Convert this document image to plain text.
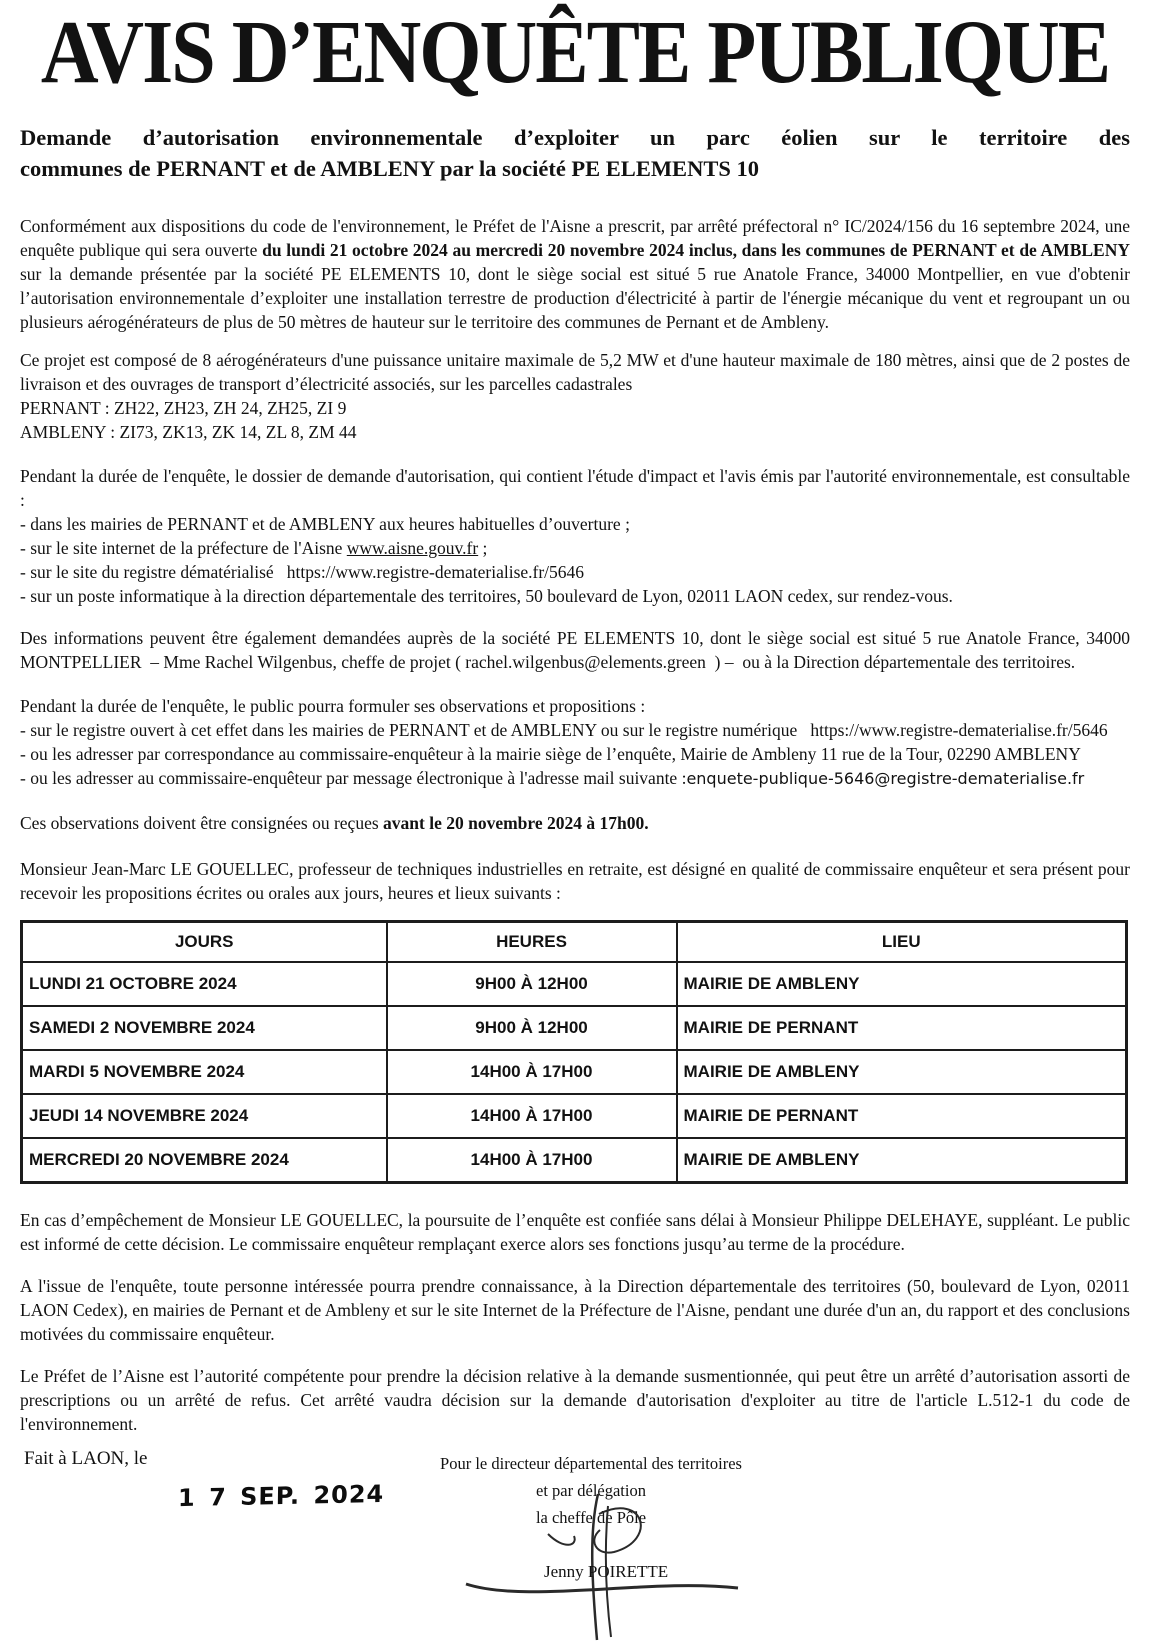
AVIS D’ENQUÊTE PUBLIQUE
Demande d’autorisation environnementale d’exploiter un parc éolien sur le territoire des
communes de PERNANT et de AMBLENY par la société PE ELEMENTS 10

Conformément aux dispositions du code de l'environnement, le Préfet de l'Aisne a prescrit, par arrêté préfectoral n° IC/2024/156 du 16 septembre 2024, une enquête publique qui sera ouverte du lundi 21 octobre 2024 au mercredi 20 novembre 2024 inclus, dans les communes de PERNANT et de AMBLENY sur la demande présentée par la société PE ELEMENTS 10, dont le siège social est situé 5 rue Anatole France, 34000 Montpellier, en vue d'obtenir l’autorisation environnementale d’exploiter une installation terrestre de production d'électricité à partir de l'énergie mécanique du vent et regroupant un ou plusieurs aérogénérateurs de plus de 50 mètres de hauteur sur le territoire des communes de Pernant et de Ambleny.

Ce projet est composé de 8 aérogénérateurs d'une puissance unitaire maximale de 5,2 MW et d'une hauteur maximale de 180 mètres, ainsi que de 2 postes de livraison et des ouvrages de transport d’électricité associés, sur les parcelles cadastrales
PERNANT : ZH22, ZH23, ZH 24, ZH25, ZI 9
AMBLENY : ZI73, ZK13, ZK 14, ZL 8, ZM 44
Pendant la durée de l'enquête, le dossier de demande d'autorisation, qui contient l'étude d'impact et l'avis émis par l'autorité environnementale, est consultable :
- dans les mairies de PERNANT et de AMBLENY aux heures habituelles d’ouverture ;
- sur le site internet de la préfecture de l'Aisne www.aisne.gouv.fr ;
- sur le site du registre dématérialisé   https://www.registre-dematerialise.fr/5646
- sur un poste informatique à la direction départementale des territoires, 50 boulevard de Lyon, 02011 LAON cedex, sur rendez-vous.

Des informations peuvent être également demandées auprès de la société PE ELEMENTS 10, dont le siège social est situé 5 rue Anatole France, 34000 MONTPELLIER  – Mme Rachel Wilgenbus, cheffe de projet ( rachel.wilgenbus@elements.green  ) –  ou à la Direction départementale des territoires.

Pendant la durée de l'enquête, le public pourra formuler ses observations et propositions :
- sur le registre ouvert à cet effet dans les mairies de PERNANT et de AMBLENY ou sur le registre numérique   https://www.registre-dematerialise.fr/5646
- ou les adresser par correspondance au commissaire-enquêteur à la mairie siège de l’enquête, Mairie de Ambleny 11 rue de la Tour, 02290 AMBLENY
- ou les adresser au commissaire-enquêteur par message électronique à l'adresse mail suivante :enquete-publique-5646@registre-dematerialise.fr

Ces observations doivent être consignées ou reçues avant le 20 novembre 2024 à 17h00.

Monsieur Jean-Marc LE GOUELLEC, professeur de techniques industrielles en retraite, est désigné en qualité de commissaire enquêteur et sera présent pour recevoir les propositions écrites ou orales aux jours, heures et lieux suivants :

JOURS	HEURES	LIEU
LUNDI 21 OCTOBRE 2024	9H00 À 12H00	MAIRIE DE AMBLENY
SAMEDI 2 NOVEMBRE 2024	9H00 À 12H00	MAIRIE DE PERNANT
MARDI 5 NOVEMBRE 2024	14H00 À 17H00	MAIRIE DE AMBLENY
JEUDI 14 NOVEMBRE 2024	14H00 À 17H00	MAIRIE DE PERNANT
MERCREDI 20 NOVEMBRE 2024	14H00 À 17H00	MAIRIE DE AMBLENY

En cas d’empêchement de Monsieur LE GOUELLEC, la poursuite de l’enquête est confiée sans délai à Monsieur Philippe DELEHAYE, suppléant. Le public est informé de cette décision. Le commissaire enquêteur remplaçant exerce alors ses fonctions jusqu’au terme de la procédure.

A l'issue de l'enquête, toute personne intéressée pourra prendre connaissance, à la Direction départementale des territoires (50, boulevard de Lyon, 02011 LAON Cedex), en mairies de Pernant et de Ambleny et sur le site Internet de la Préfecture de l'Aisne, pendant une durée d'un an, du rapport et des conclusions motivées du commissaire enquêteur.

Le Préfet de l’Aisne est l’autorité compétente pour prendre la décision relative à la demande susmentionnée, qui peut être un arrêté d’autorisation assorti de prescriptions ou un arrêté de refus. Cet arrêté vaudra décision sur la demande d'autorisation d'exploiter au titre de l'article L.512-1 du code de l'environnement.

Fait à LAON, le
1 7 SEP. 2024
Pour le directeur départemental des territoires
et par délégation
la cheffe de Pôle
Jenny POIRETTE
